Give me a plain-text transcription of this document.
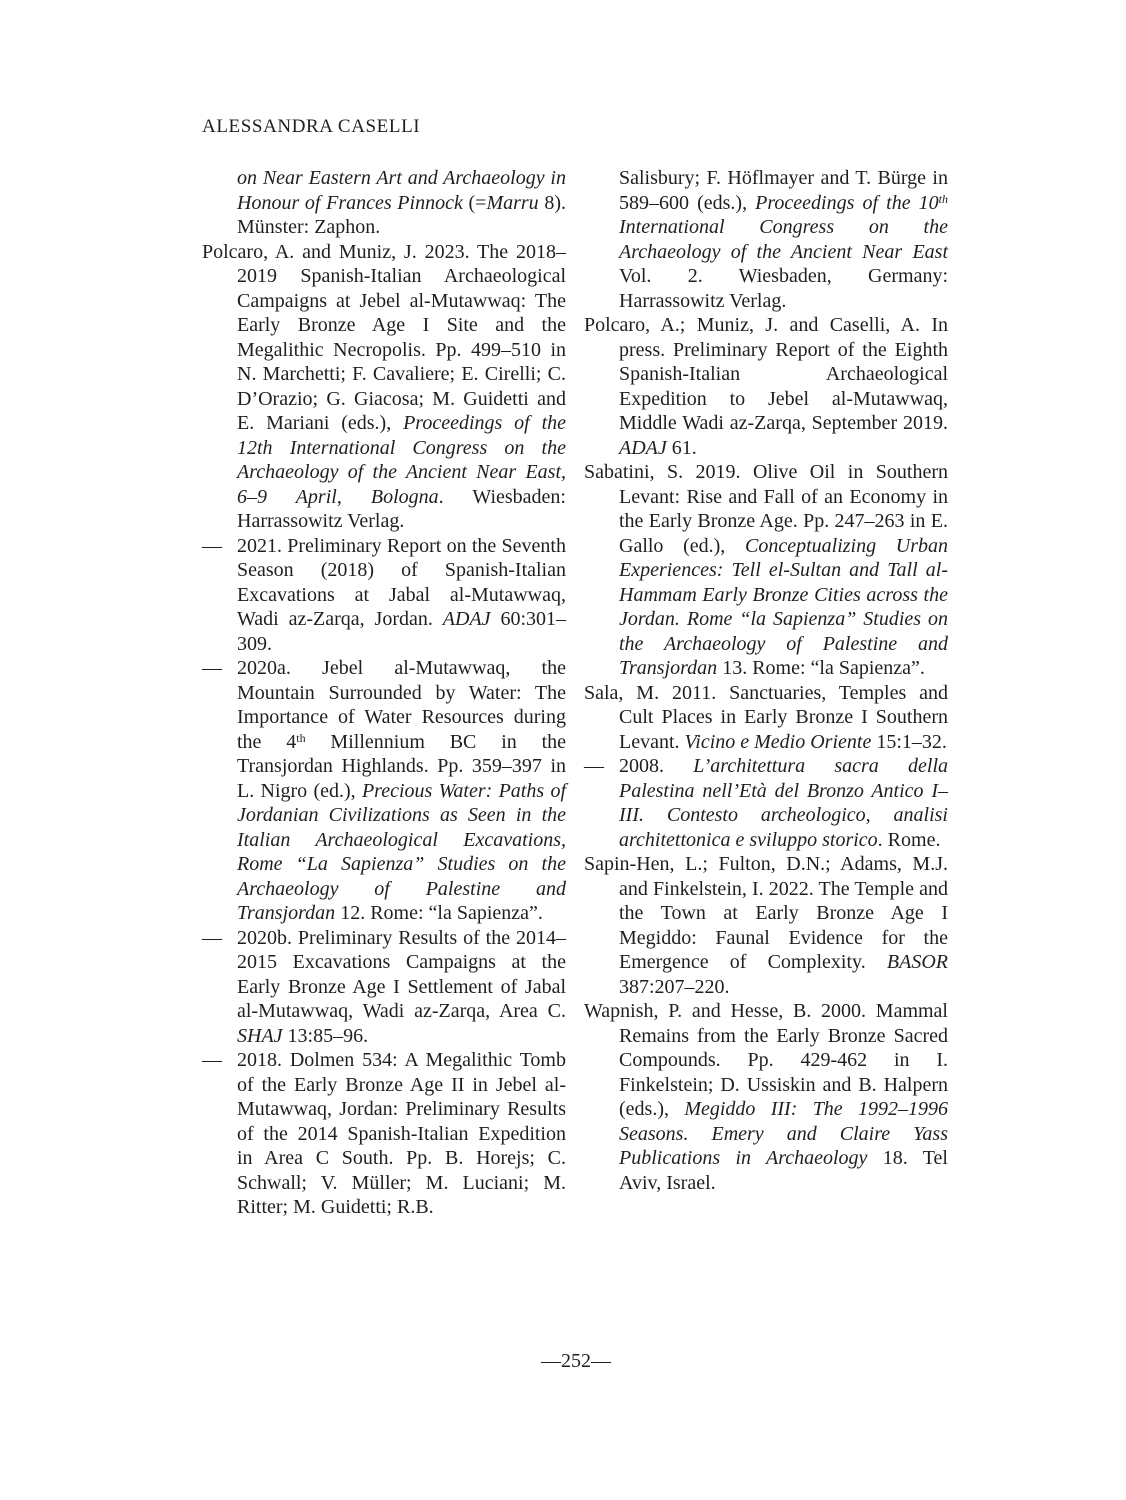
ALESSANDRA CASELLI
on Near Eastern Art and Archaeology in Honour of Frances Pinnock (=Marru 8). Münster: Zaphon.
Polcaro, A. and Muniz, J. 2023. The 2018–2019 Spanish-Italian Archaeological Campaigns at Jebel al-Mutawwaq: The Early Bronze Age I Site and the Megalithic Necropolis. Pp. 499–510 in N. Marchetti; F. Cavaliere; E. Cirelli; C. D’Orazio; G. Giacosa; M. Guidetti and E. Mariani (eds.), Proceedings of the 12th International Congress on the Archaeology of the Ancient Near East, 6–9 April, Bologna. Wiesbaden: Harrassowitz Verlag.
— 2021. Preliminary Report on the Seventh Season (2018) of Spanish-Italian Excavations at Jabal al-Mutawwaq, Wadi az-Zarqa, Jordan. ADAJ 60:301–309.
— 2020a. Jebel al-Mutawwaq, the Mountain Surrounded by Water: The Importance of Water Resources during the 4th Millennium BC in the Transjordan Highlands. Pp. 359–397 in L. Nigro (ed.), Precious Water: Paths of Jordanian Civilizations as Seen in the Italian Archaeological Excavations, Rome “La Sapienza” Studies on the Archaeology of Palestine and Transjordan 12. Rome: “la Sapienza”.
— 2020b. Preliminary Results of the 2014–2015 Excavations Campaigns at the Early Bronze Age I Settlement of Jabal al-Mutawwaq, Wadi az-Zarqa, Area C. SHAJ 13:85–96.
— 2018. Dolmen 534: A Megalithic Tomb of the Early Bronze Age II in Jebel al-Mutawwaq, Jordan: Preliminary Results of the 2014 Spanish-Italian Expedition in Area C South. Pp. B. Horejs; C. Schwall; V. Müller; M. Luciani; M. Ritter; M. Guidetti; R.B.
Salisbury; F. Höflmayer and T. Bürge in 589–600 (eds.), Proceedings of the 10th International Congress on the Archaeology of the Ancient Near East Vol. 2. Wiesbaden, Germany: Harrassowitz Verlag.
Polcaro, A.; Muniz, J. and Caselli, A. In press. Preliminary Report of the Eighth Spanish-Italian Archaeological Expedition to Jebel al-Mutawwaq, Middle Wadi az-Zarqa, September 2019. ADAJ 61.
Sabatini, S. 2019. Olive Oil in Southern Levant: Rise and Fall of an Economy in the Early Bronze Age. Pp. 247–263 in E. Gallo (ed.), Conceptualizing Urban Experiences: Tell el-Sultan and Tall al-Hammam Early Bronze Cities across the Jordan. Rome “la Sapienza” Studies on the Archaeology of Palestine and Transjordan 13. Rome: “la Sapienza”.
Sala, M. 2011. Sanctuaries, Temples and Cult Places in Early Bronze I Southern Levant. Vicino e Medio Oriente 15:1–32.
— 2008. L’architettura sacra della Palestina nell’Età del Bronzo Antico I–III. Contesto archeologico, analisi architettonica e sviluppo storico. Rome.
Sapin-Hen, L.; Fulton, D.N.; Adams, M.J. and Finkelstein, I. 2022. The Temple and the Town at Early Bronze Age I Megiddo: Faunal Evidence for the Emergence of Complexity. BASOR 387:207–220.
Wapnish, P. and Hesse, B. 2000. Mammal Remains from the Early Bronze Sacred Compounds. Pp. 429-462 in I. Finkelstein; D. Ussiskin and B. Halpern (eds.), Megiddo III: The 1992–1996 Seasons. Emery and Claire Yass Publications in Archaeology 18. Tel Aviv, Israel.
—252—
